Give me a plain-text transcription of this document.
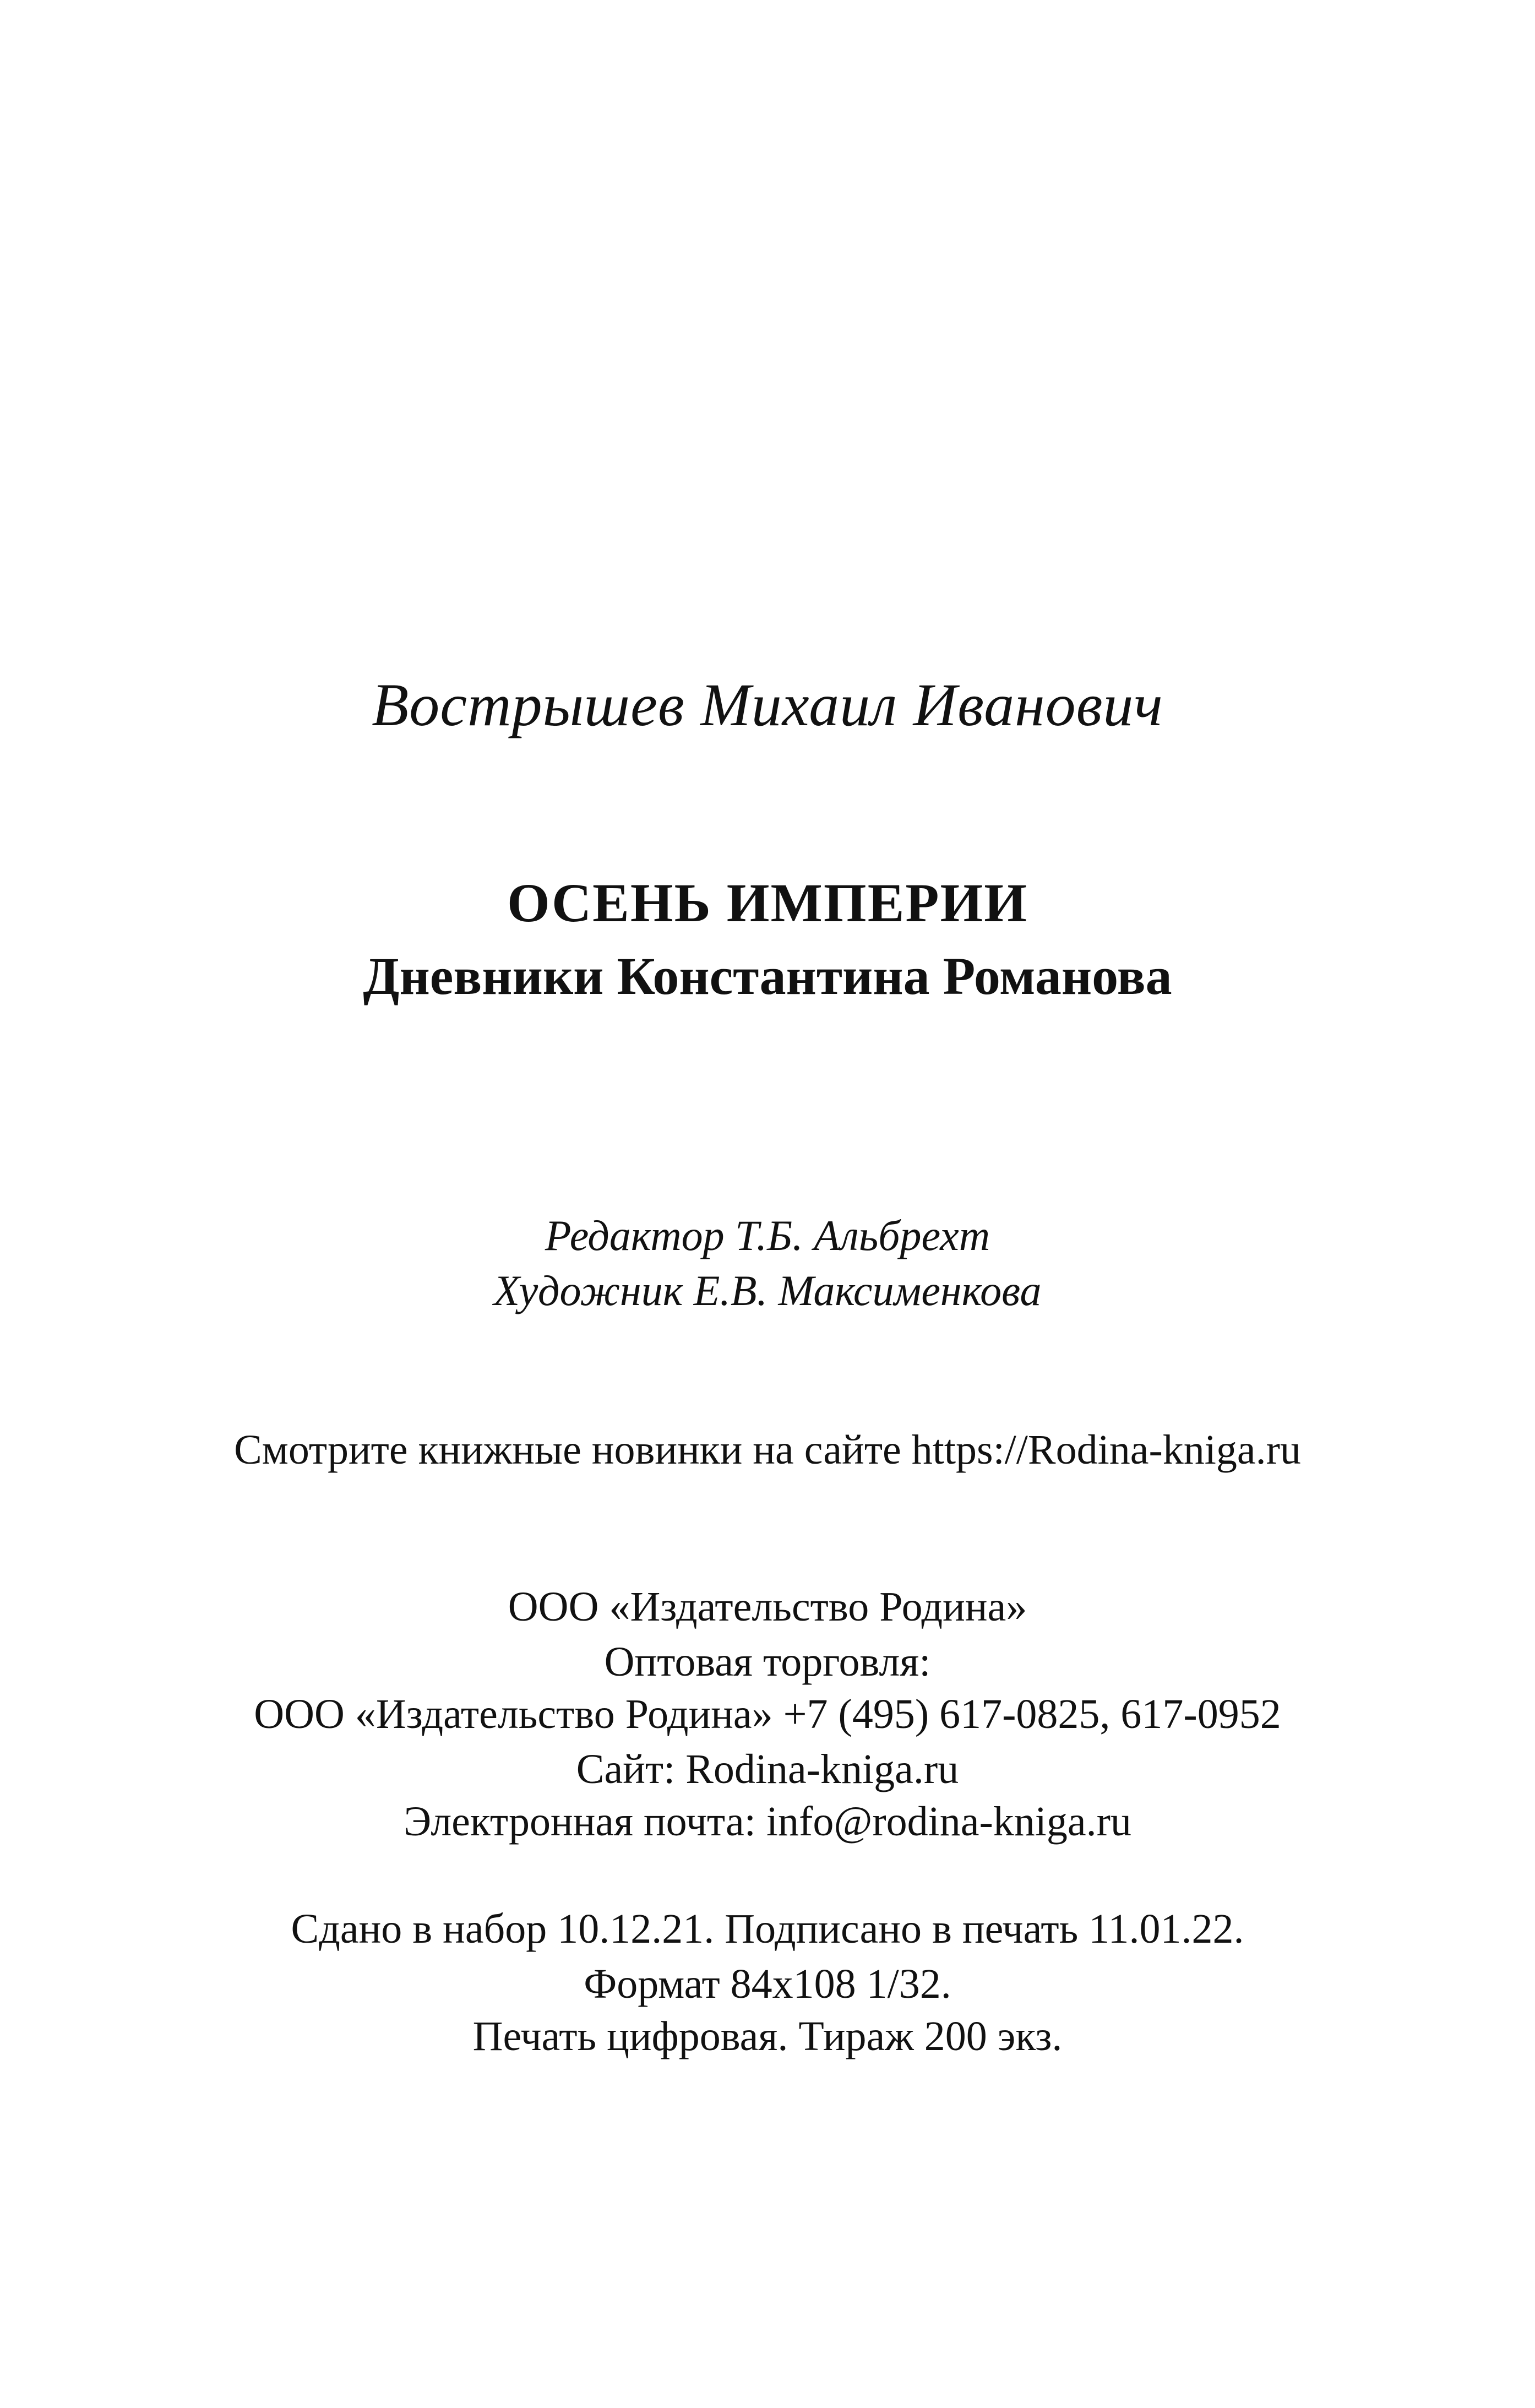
Вострышев Михаил Иванович
ОСЕНЬ ИМПЕРИИ
Дневники Константина Романова
Редактор Т.Б. Альбрехт
Художник Е.В. Максименкова
Смотрите книжные новинки на сайте https://Rodina-kniga.ru
ООО «Издательство Родина»
Оптовая торговля:
ООО «Издательство Родина» +7 (495) 617-0825, 617-0952
Сайт: Rodina-kniga.ru
Электронная почта: info@rodina-kniga.ru
Сдано в набор 10.12.21. Подписано в печать 11.01.22.
Формат 84x108 1/32.
Печать цифровая. Тираж 200 экз.
